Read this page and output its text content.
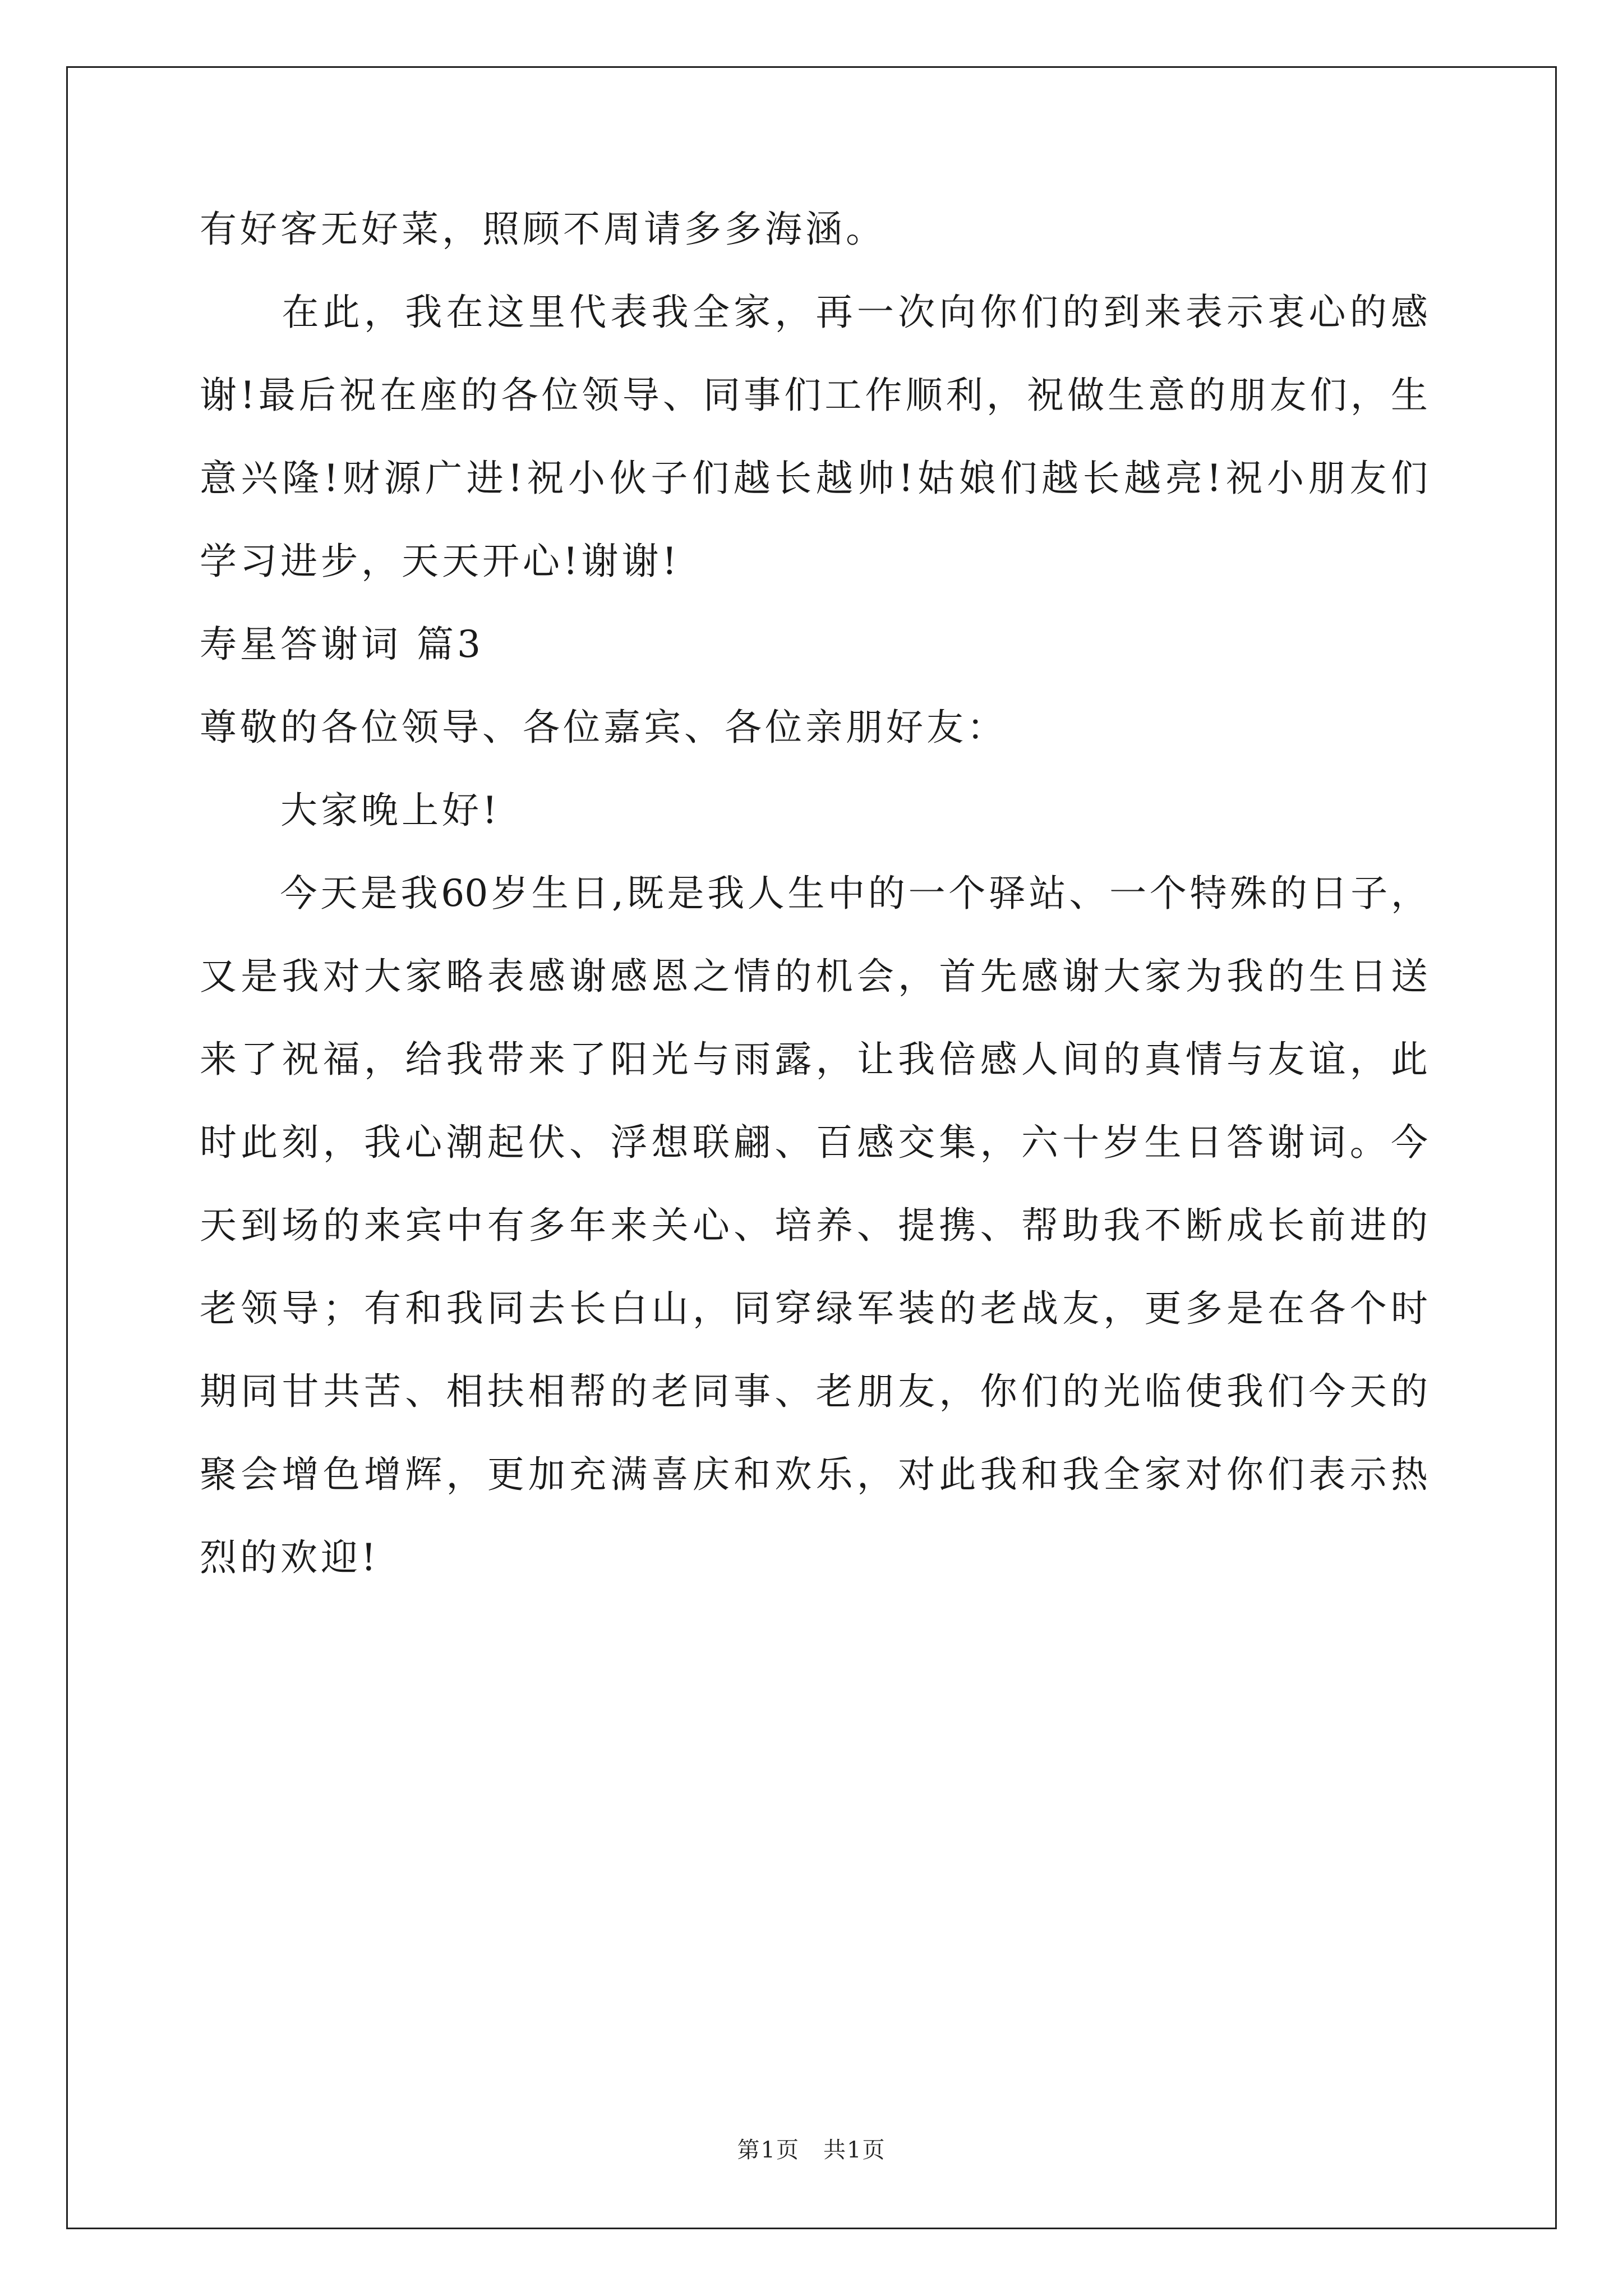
有好客无好菜，照顾不周请多多海涵。
　　在此，我在这里代表我全家，再一次向你们的到来表示衷心的感
谢!最后祝在座的各位领导、同事们工作顺利，祝做生意的朋友们，生
意兴隆!财源广进!祝小伙子们越长越帅!姑娘们越长越亮!祝小朋友们
学习进步，天天开心!谢谢!
寿星答谢词 篇3
尊敬的各位领导、各位嘉宾、各位亲朋好友：
　　大家晚上好!
　　今天是我60岁生日,既是我人生中的一个驿站、一个特殊的日子，
又是我对大家略表感谢感恩之情的机会，首先感谢大家为我的生日送
来了祝福，给我带来了阳光与雨露，让我倍感人间的真情与友谊，此
时此刻，我心潮起伏、浮想联翩、百感交集，六十岁生日答谢词。今
天到场的来宾中有多年来关心、培养、提携、帮助我不断成长前进的
老领导；有和我同去长白山，同穿绿军装的老战友，更多是在各个时
期同甘共苦、相扶相帮的老同事、老朋友，你们的光临使我们今天的
聚会增色增辉，更加充满喜庆和欢乐，对此我和我全家对你们表示热
烈的欢迎!
第1页　共1页
